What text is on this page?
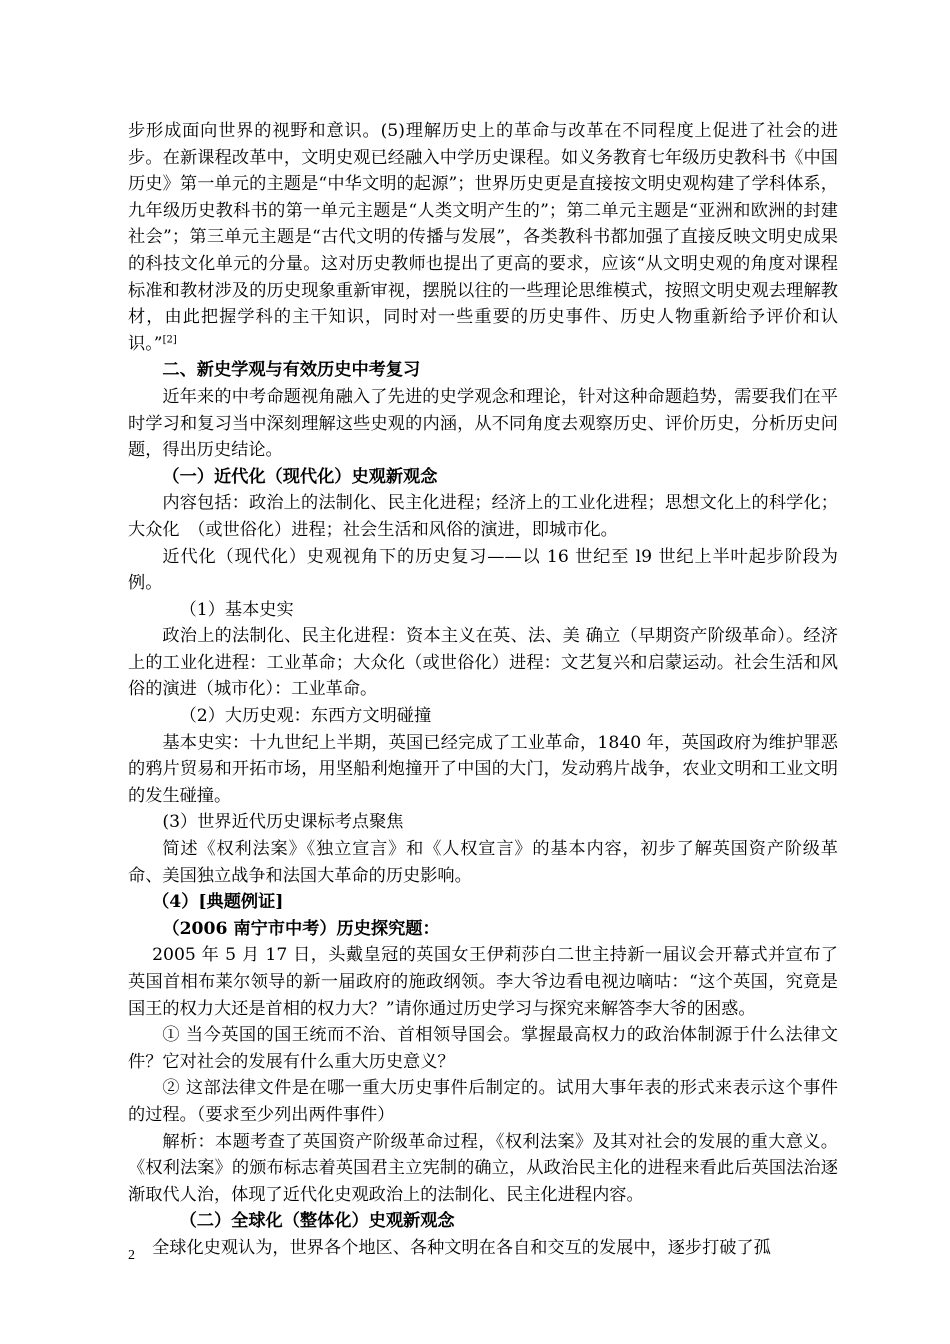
步形成面向世界的视野和意识。(5)理解历史上的革命与改革在不同程度上促进了社会的进步。在新课程改革中，文明史观已经融入中学历史课程。如义务教育七年级历史教科书《中国历史》第一单元的主题是“中华文明的起源”；世界历史更是直接按文明史观构建了学科体系，九年级历史教科书的第一单元主题是“人类文明产生的”；第二单元主题是“亚洲和欧洲的封建社会”；第三单元主题是“古代文明的传播与发展”，各类教科书都加强了直接反映文明史成果的科技文化单元的分量。这对历史教师也提出了更高的要求，应该“从文明史观的角度对课程标准和教材涉及的历史现象重新审视，摆脱以往的一些理论思维模式，按照文明史观去理解教材，由此把握学科的主干知识，同时对一些重要的历史事件、历史人物重新给予评价和认识。”[2]

二、新史学观与有效历史中考复习

近年来的中考命题视角融入了先进的史学观念和理论，针对这种命题趋势，需要我们在平时学习和复习当中深刻理解这些史观的内涵，从不同角度去观察历史、评价历史，分析历史问题，得出历史结论。

（一）近代化（现代化）史观新观念

内容包括：政治上的法制化、民主化进程；经济上的工业化进程；思想文化上的科学化；大众化　（或世俗化）进程；社会生活和风俗的演进，即城市化。

近代化（现代化）史观视角下的历史复习——以 16 世纪至 l9 世纪上半叶起步阶段为例。

（1）基本史实

政治上的法制化、民主化进程：资本主义在英、法、美 确立（早期资产阶级革命）。经济上的工业化进程：工业革命；大众化（或世俗化）进程：文艺复兴和启蒙运动。社会生活和风俗的演进（城市化）：工业革命。

（2）大历史观：东西方文明碰撞

基本史实：十九世纪上半期，英国已经完成了工业革命，1840 年，英国政府为维护罪恶的鸦片贸易和开拓市场，用坚船利炮撞开了中国的大门，发动鸦片战争，农业文明和工业文明的发生碰撞。

(3）世界近代历史课标考点聚焦

简述《权利法案》《独立宣言》和《人权宣言》的基本内容，初步了解英国资产阶级革命、美国独立战争和法国大革命的历史影响。

（4）[典题例证]

（2006 南宁市中考）历史探究题：

2005 年 5 月 17 日，头戴皇冠的英国女王伊莉莎白二世主持新一届议会开幕式并宣布了英国首相布莱尔领导的新一届政府的施政纲领。李大爷边看电视边嘀咕：“这个英国，究竟是国王的权力大还是首相的权力大？”请你通过历史学习与探究来解答李大爷的困惑。

① 当今英国的国王统而不治、首相领导国会。掌握最高权力的政治体制源于什么法律文件？它对社会的发展有什么重大历史意义？

② 这部法律文件是在哪一重大历史事件后制定的。试用大事年表的形式来表示这个事件的过程。（要求至少列出两件事件）

解析：本题考查了英国资产阶级革命过程，《权利法案》及其对社会的发展的重大意义。《权利法案》的颁布标志着英国君主立宪制的确立，从政治民主化的进程来看此后英国法治逐渐取代人治，体现了近代化史观政治上的法制化、民主化进程内容。

（二）全球化（整体化）史观新观念

全球化史观认为，世界各个地区、各种文明在各自和交互的发展中，逐步打破了孤

2
